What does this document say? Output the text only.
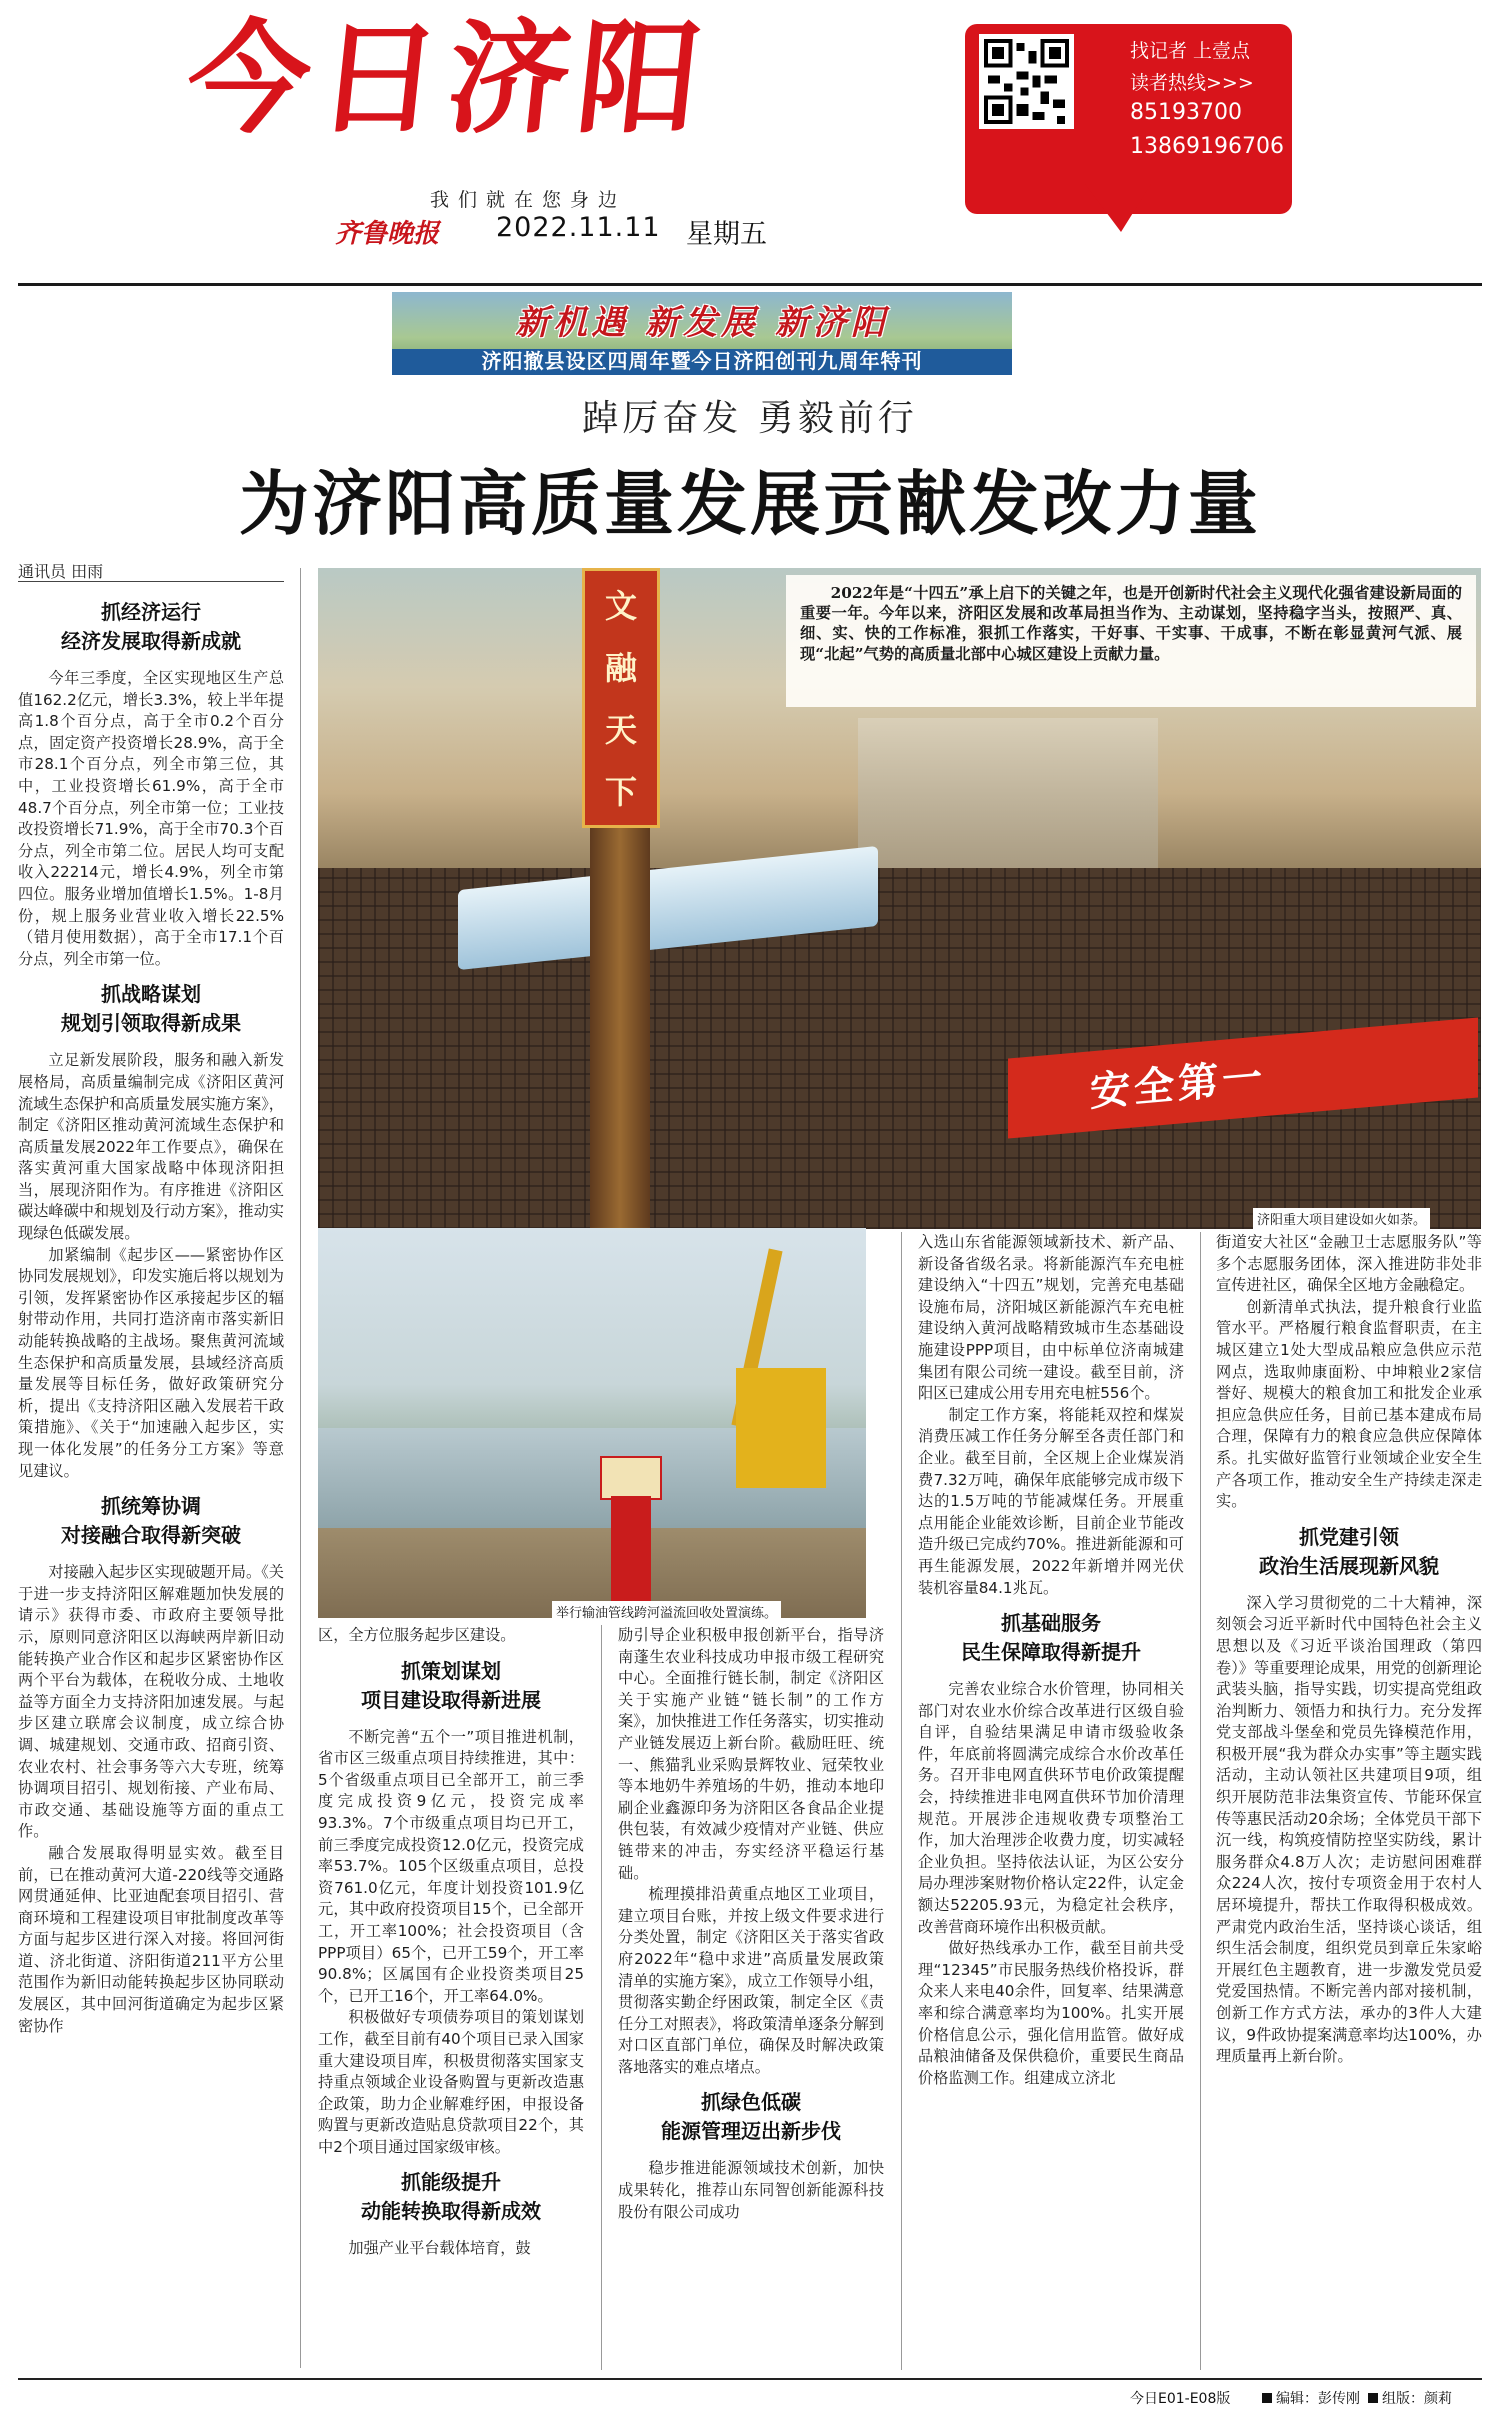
今日济阳
我们就在您身边
齐鲁晚报 2022.11.11 星期五
找记者 上壹点
读者热线>>>
85193700
13869196706
新机遇 新发展 新济阳
济阳撤县设区四周年暨今日济阳创刊九周年特刊
踔厉奋发 勇毅前行
为济阳高质量发展贡献发改力量
通讯员 田雨
抓经济运行
经济发展取得新成就

今年三季度，全区实现地区生产总值162.2亿元，增长3.3%，较上半年提高1.8个百分点，高于全市0.2个百分点，固定资产投资增长28.9%，高于全市28.1个百分点，列全市第三位，其中，工业投资增长61.9%，高于全市48.7个百分点，列全市第一位；工业技改投资增长71.9%，高于全市70.3个百分点，列全市第二位。居民人均可支配收入22214元，增长4.9%，列全市第四位。服务业增加值增长1.5%。1-8月份，规上服务业营业收入增长22.5%（错月使用数据），高于全市17.1个百分点，列全市第一位。

抓战略谋划
规划引领取得新成果

立足新发展阶段，服务和融入新发展格局，高质量编制完成《济阳区黄河流域生态保护和高质量发展实施方案》，制定《济阳区推动黄河流域生态保护和高质量发展2022年工作要点》，确保在落实黄河重大国家战略中体现济阳担当，展现济阳作为。有序推进《济阳区碳达峰碳中和规划及行动方案》，推动实现绿色低碳发展。

加紧编制《起步区——紧密协作区协同发展规划》，印发实施后将以规划为引领，发挥紧密协作区承接起步区的辐射带动作用，共同打造济南市落实新旧动能转换战略的主战场。聚焦黄河流域生态保护和高质量发展，县域经济高质量发展等目标任务，做好政策研究分析，提出《支持济阳区融入发展若干政策措施》、《关于“加速融入起步区，实现一体化发展”的任务分工方案》等意见建议。

抓统筹协调
对接融合取得新突破

对接融入起步区实现破题开局。《关于进一步支持济阳区解难题加快发展的请示》获得市委、市政府主要领导批示，原则同意济阳区以海峡两岸新旧动能转换产业合作区和起步区紧密协作区两个平台为载体，在税收分成、土地收益等方面全力支持济阳加速发展。与起步区建立联席会议制度，成立综合协调、城建规划、交通市政、招商引资、农业农村、社会事务等六大专班，统筹协调项目招引、规划衔接、产业布局、市政交通、基础设施等方面的重点工作。

融合发展取得明显实效。截至目前，已在推动黄河大道-220线等交通路网贯通延伸、比亚迪配套项目招引、营商环境和工程建设项目审批制度改革等方面与起步区进行深入对接。将回河街道、济北街道、济阳街道211平方公里范围作为新旧动能转换起步区协同联动发展区，其中回河街道确定为起步区紧密协作

文
融
天
下
安全第一
2022年是“十四五”承上启下的关键之年，也是开创新时代社会主义现代化强省建设新局面的重要一年。今年以来，济阳区发展和改革局担当作为、主动谋划，坚持稳字当头，按照严、真、细、实、快的工作标准，狠抓工作落实，干好事、干实事、干成事，不断在彰显黄河气派、展现“北起”气势的高质量北部中心城区建设上贡献力量。
济阳重大项目建设如火如荼。
举行输油管线跨河溢流回收处置演练。

区，全方位服务起步区建设。

抓策划谋划
项目建设取得新进展

不断完善“五个一”项目推进机制，省市区三级重点项目持续推进，其中：5个省级重点项目已全部开工，前三季度完成投资9亿元，投资完成率93.3%。7个市级重点项目均已开工，前三季度完成投资12.0亿元，投资完成率53.7%。105个区级重点项目，总投资761.0亿元，年度计划投资101.9亿元，其中政府投资项目15个，已全部开工，开工率100%；社会投资项目（含PPP项目）65个，已开工59个，开工率90.8%；区属国有企业投资类项目25个，已开工16个，开工率64.0%。

积极做好专项债券项目的策划谋划工作，截至目前有40个项目已录入国家重大建设项目库，积极贯彻落实国家支持重点领域企业设备购置与更新改造惠企政策，助力企业解难纾困，申报设备购置与更新改造贴息贷款项目22个，其中2个项目通过国家级审核。

抓能级提升
动能转换取得新成效

加强产业平台载体培育，鼓

励引导企业积极申报创新平台，指导济南蓬生农业科技成功申报市级工程研究中心。全面推行链长制，制定《济阳区关于实施产业链“链长制”的工作方案》，加快推进工作任务落实，切实推动产业链发展迈上新台阶。截励旺旺、统一、熊猫乳业采购景辉牧业、冠荣牧业等本地奶牛养殖场的牛奶，推动本地印刷企业鑫源印务为济阳区各食品企业提供包装，有效减少疫情对产业链、供应链带来的冲击，夯实经济平稳运行基础。

梳理摸排沿黄重点地区工业项目，建立项目台账，并按上级文件要求进行分类处置，制定《济阳区关于落实省政府2022年“稳中求进”高质量发展政策清单的实施方案》，成立工作领导小组，贯彻落实勤企纾困政策，制定全区《责任分工对照表》，将政策清单逐条分解到对口区直部门单位，确保及时解决政策落地落实的难点堵点。

抓绿色低碳
能源管理迈出新步伐

稳步推进能源领域技术创新，加快成果转化，推荐山东同智创新能源科技股份有限公司成功

入选山东省能源领域新技术、新产品、新设备省级名录。将新能源汽车充电桩建设纳入“十四五”规划，完善充电基础设施布局，济阳城区新能源汽车充电桩建设纳入黄河战略精致城市生态基础设施建设PPP项目，由中标单位济南城建集团有限公司统一建设。截至目前，济阳区已建成公用专用充电桩556个。

制定工作方案，将能耗双控和煤炭消费压减工作任务分解至各责任部门和企业。截至目前，全区规上企业煤炭消费7.32万吨，确保年底能够完成市级下达的1.5万吨的节能减煤任务。开展重点用能企业能效诊断，目前企业节能改造升级已完成约70%。推进新能源和可再生能源发展，2022年新增并网光伏装机容量84.1兆瓦。

抓基础服务
民生保障取得新提升

完善农业综合水价管理，协同相关部门对农业水价综合改革进行区级自验自评，自验结果满足申请市级验收条件，年底前将圆满完成综合水价改革任务。召开非电网直供环节电价政策提醒会，持续推进非电网直供环节加价清理规范。开展涉企违规收费专项整治工作，加大治理涉企收费力度，切实减轻企业负担。坚持依法认证，为区公安分局办理涉案财物价格认定22件，认定金额达52205.93元，为稳定社会秩序，改善营商环境作出积极贡献。

做好热线承办工作，截至目前共受理“12345”市民服务热线价格投诉，群众来人来电40余件，回复率、结果满意率和综合满意率均为100%。扎实开展价格信息公示，强化信用监管。做好成品粮油储备及保供稳价，重要民生商品价格监测工作。组建成立济北

街道安大社区“金融卫士志愿服务队”等多个志愿服务团体，深入推进防非处非宣传进社区，确保全区地方金融稳定。

创新清单式执法，提升粮食行业监管水平。严格履行粮食监督职责，在主城区建立1处大型成品粮应急供应示范网点，选取帅康面粉、中坤粮业2家信誉好、规模大的粮食加工和批发企业承担应急供应任务，目前已基本建成布局合理，保障有力的粮食应急供应保障体系。扎实做好监管行业领域企业安全生产各项工作，推动安全生产持续走深走实。

抓党建引领
政治生活展现新风貌

深入学习贯彻党的二十大精神，深刻领会习近平新时代中国特色社会主义思想以及《习近平谈治国理政（第四卷）》等重要理论成果，用党的创新理论武装头脑，指导实践，切实提高党组政治判断力、领悟力和执行力。充分发挥党支部战斗堡垒和党员先锋模范作用，积极开展“我为群众办实事”等主题实践活动，主动认领社区共建项目9项，组织开展防范非法集资宣传、节能环保宣传等惠民活动20余场；全体党员干部下沉一线，构筑疫情防控坚实防线，累计服务群众4.8万人次；走访慰问困难群众224人次，按付专项资金用于农村人居环境提升，帮扶工作取得积极成效。严肃党内政治生活，坚持谈心谈话，组织生活会制度，组织党员到章丘朱家峪开展红色主题教育，进一步激发党员爱党爱国热情。不断完善内部对接机制，创新工作方式方法，承办的3件人大建议，9件政协提案满意率均达100%，办理质量再上新台阶。

今日E01-E08版	编辑：彭传刚	组版：颜莉
